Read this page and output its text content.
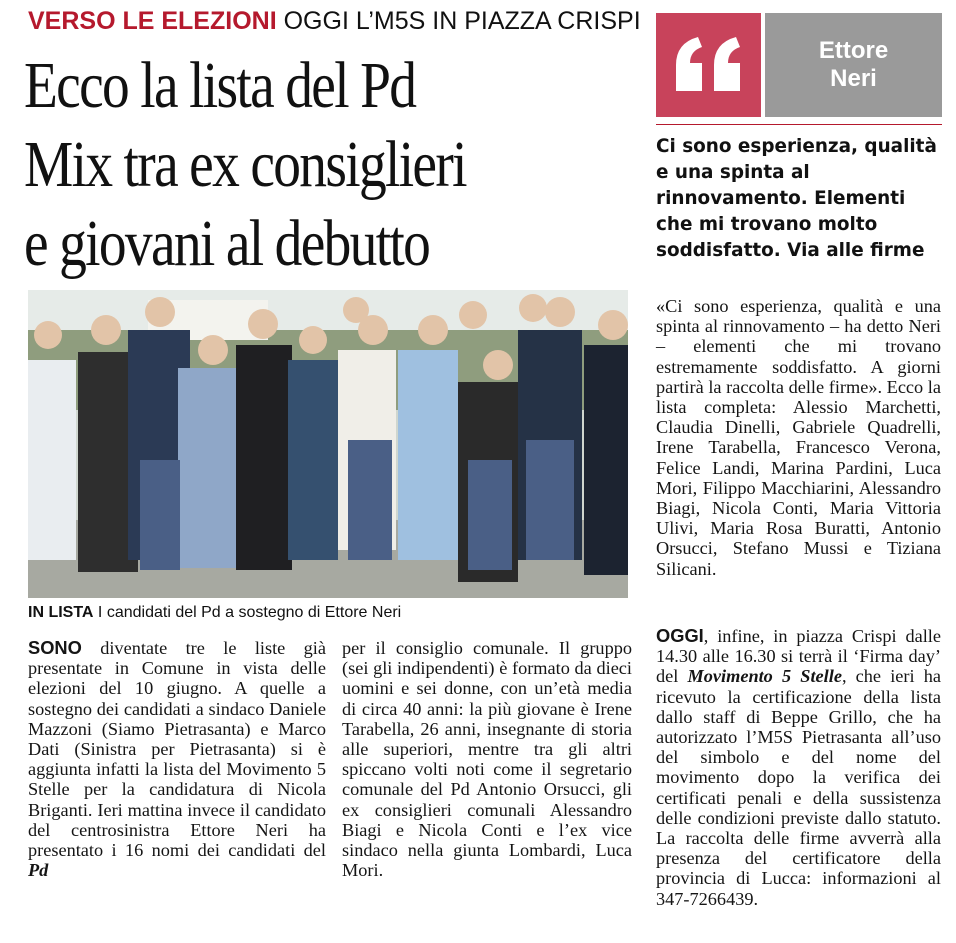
VERSO LE ELEZIONI OGGI L’M5S IN PIAZZA CRISPI
Ecco la lista del Pd
Mix tra ex consiglieri
e giovani al debutto
IN LISTA I candidati del Pd a sostegno di Ettore Neri
SONO diventate tre le liste già presentate in Comune in vista delle elezioni del 10 giugno. A quelle a sostegno dei candidati a sindaco Daniele Mazzoni (Siamo Pietrasanta) e Marco Dati (Sinistra per Pietrasanta) si è aggiunta infatti la lista del Movimento 5 Stelle per la candidatura di Nicola Briganti. Ieri mattina invece il candidato del centrosinistra Ettore Neri ha presentato i 16 nomi dei candidati del Pd
per il consiglio comunale. Il gruppo (sei gli indipendenti) è formato da dieci uomini e sei donne, con un’età media di circa 40 anni: la più giovane è Irene Tarabella, 26 anni, insegnante di storia alle superiori, mentre tra gli altri spiccano volti noti come il segretario comunale del Pd Antonio Orsucci, gli ex consiglieri comunali Alessandro Biagi e Nicola Conti e l’ex vice sindaco nella giunta Lombardi, Luca Mori.
Ettore
Neri
Ci sono esperienza, qualità e una spinta al rinnovamento. Elementi che mi trovano molto soddisfatto. Via alle firme
«Ci sono esperienza, qualità e una spinta al rinnovamento – ha detto Neri – elementi che mi trovano estremamente soddisfatto. A giorni partirà la raccolta delle firme». Ecco la lista completa: Alessio Marchetti, Claudia Dinelli, Gabriele Quadrelli, Irene Tarabella, Francesco Verona, Felice Landi, Marina Pardini, Luca Mori, Filippo Macchiarini, Alessandro Biagi, Nicola Conti, Maria Vittoria Ulivi, Maria Rosa Buratti, Antonio Orsucci, Stefano Mussi e Tiziana Silicani.
OGGI, infine, in piazza Crispi dalle 14.30 alle 16.30 si terrà il ‘Firma day’ del Movimento 5 Stelle, che ieri ha ricevuto la certificazione della lista dallo staff di Beppe Grillo, che ha autorizzato l’M5S Pietrasanta all’uso del simbolo e del nome del movimento dopo la verifica dei certificati penali e della sussistenza delle condizioni previste dallo statuto. La raccolta delle firme avverrà alla presenza del certificatore della provincia di Lucca: informazioni al 347-7266439.
